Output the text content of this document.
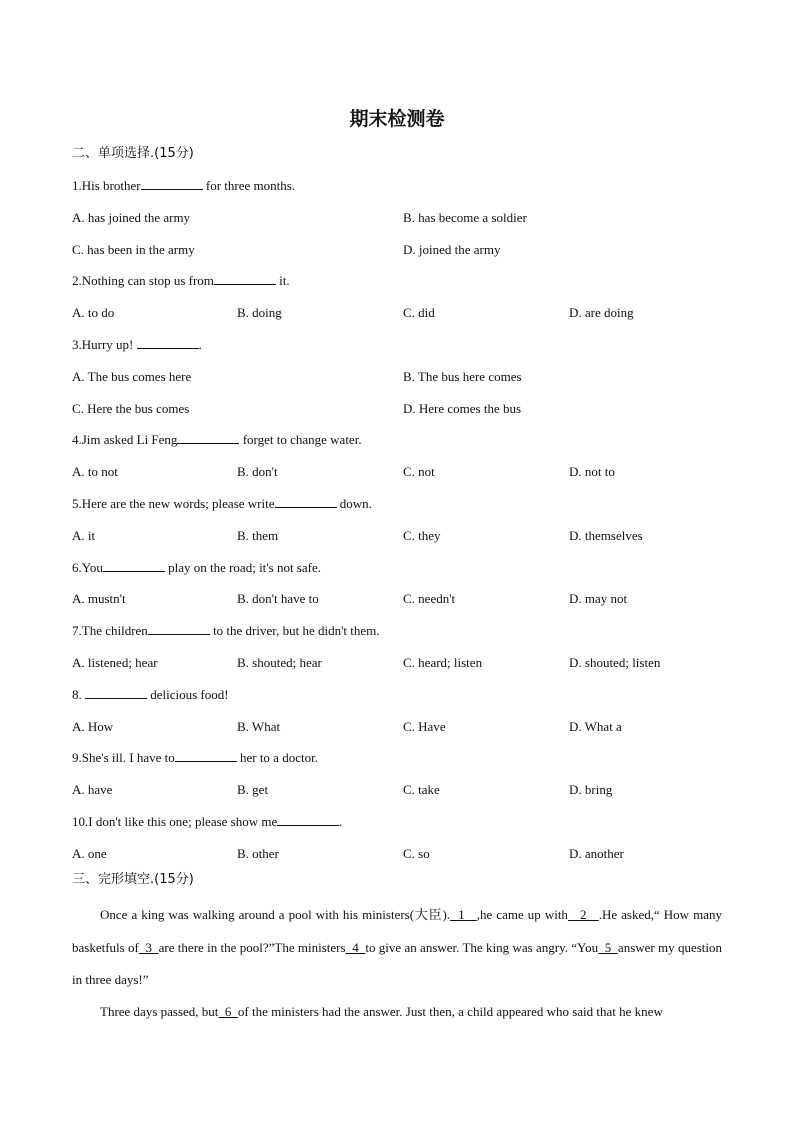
期末检测卷
二、单项选择.(15分)
1.His brother	for three months.
A. has joined the army	B. has become a soldier
C. has been in the army	D. joined the army
2.Nothing can stop us from	it.
A. to do	B. doing	C. did	D. are doing
3.Hurry up!	.
A. The bus comes here	B. The bus here comes
C. Here the bus comes	D. Here comes the bus
4.Jim asked Li Feng	forget to change water.
A. to not	B. don't	C. not	D. not to
5.Here are the new words; please write	down.
A. it	B. them	C. they	D. themselves
6.You	play on the road; it's not safe.
A. mustn't	B. don't have to	C. needn't	D. may not
7.The children	to the driver, but he didn't them.
A. listened; hear	B. shouted; hear	C. heard; listen	D. shouted; listen
8.	delicious food!
A. How	B. What	C. Have	D. What a
9.She's ill. I have to	her to a doctor.
A. have	B. get	C. take	D. bring
10.I don't like this one; please show me	.
A. one	B. other	C. so	D. another
三、完形填空.(15分)

Once a king was walking around a pool with his ministers(大臣).  1   ,he came up with   2   .He asked,“ How many basketfuls of  3  are there in the pool?”The ministers  4  to give an answer. The king was angry. “You  5  answer my question in three days!”

Three days passed, but  6  of the ministers had the answer. Just then, a child appeared who said that he knew
